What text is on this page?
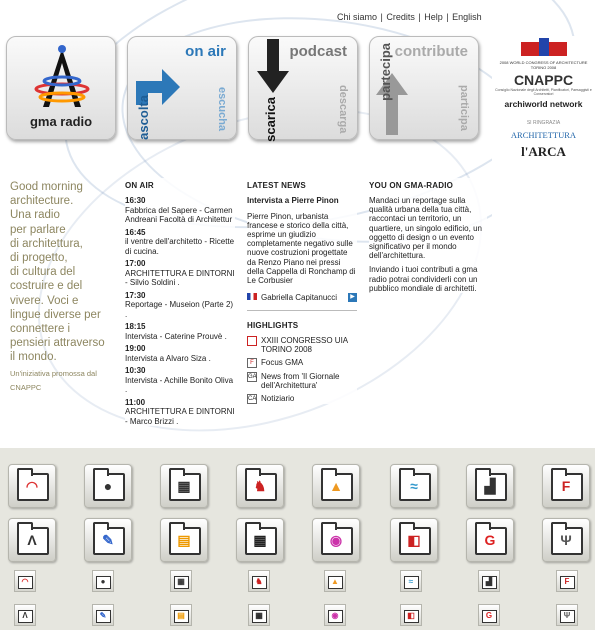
Chi siamo | Credits | Help | English
gma radio
on air
ascolta	escucha
podcast
scarica	descarga
contribute
partecipa
participa
2008 WORLD CONGRESS OF ARCHITECTURE TORINO 2008
CNAPPC
Consiglio Nazionale degli Architetti, Pianificatori, Paesaggisti e Conservatori
archiworld network
SI RINGRAZIA
ARCHITETTURA
l'ARCA
Good morning
architecture.
Una radio
per parlare
di architettura,
di progetto,
di cultura del
costruire e del
vivere. Voci e
lingue diverse per
connettere i
pensieri attraverso
il mondo.
Un'iniziativa promossa dal CNAPPC
ON AIR
16:30
Fabbrica del Sapere - Carmen Andreani Facoltà di Architettur
16:45
il ventre dell'architetto - Ricette di cucina.
17:00
ARCHITETTURA E DINTORNI - Silvio Soldini .
17:30
Reportage - Museion (Parte 2) .
18:15
Intervista - Caterine Prouvè .
19:00
Intervista a Alvaro Siza .
10:30
Intervista - Achille Bonito Oliva .
11:00
ARCHITETTURA E DINTORNI - Marco Brizzi .
LATEST NEWS
Intervista a Pierre Pinon
Pierre Pinon, urbanista francese e storico della città, esprime un giudizio completamente negativo sulle nuove costruzioni progettate da Renzo Piano nei pressi della Cappella di Ronchamp di Le Corbusier
Gabriella Capitanucci	▶
HIGHLIGHTS
XXIII CONGRESSO UIA TORINO 2008
F Focus GMA
GA News from 'Il Giornale dell'Architettura'
CA Notiziario
YOU ON GMA-RADIO
Mandaci un reportage sulla qualità urbana della tua città, raccontaci un territorio, un quartiere, un singolo edificio, un oggetto di design o un evento significativo per il mondo dell'architettura.
Inviando i tuoi contributi a gma radio potrai condividerli con un pubblico mondiale di architetti.
◠
◠
●
●
▦
▦
♞
♞
▲
▲
≈
≈
▟
▟
F
F
Λ
Λ
✎
✎
▤
▤
▦
▦
◉
◉
◧
◧
G
G
Ψ
Ψ
